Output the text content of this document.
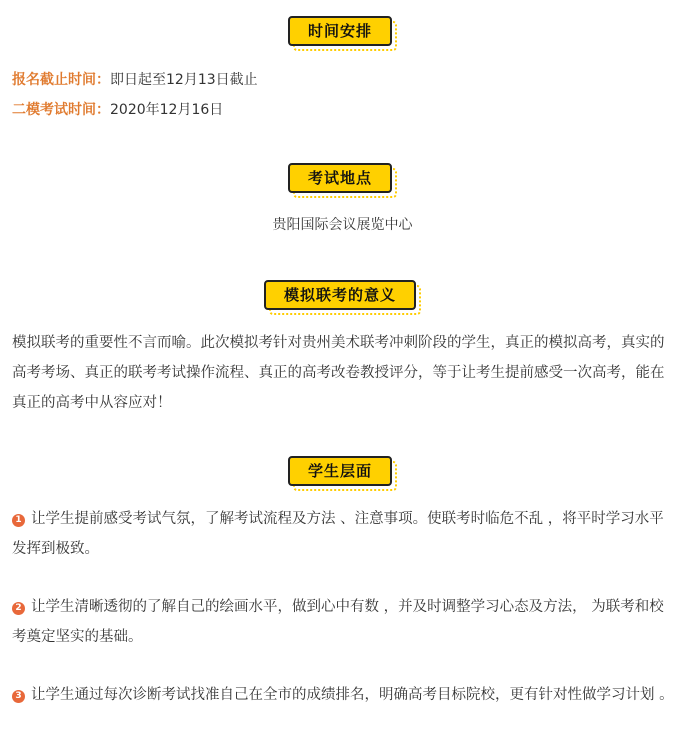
时间安排
报名截止时间：即日起至12月13日截止
二模考试时间：2020年12月16日
考试地点
贵阳国际会议展览中心
模拟联考的意义
模拟联考的重要性不言而喻。此次模拟考针对贵州美术联考冲刺阶段的学生，真正的模拟高考，真实的高考考场、真正的联考考试操作流程、真正的高考改卷教授评分，等于让考生提前感受一次高考，能在真正的高考中从容应对！
学生层面
1 让学生提前感受考试气氛，了解考试流程及方法 、注意事项。使联考时临危不乱 ，将平时学习水平发挥到极致。
2 让学生清晰透彻的了解自己的绘画水平，做到心中有数 ，并及时调整学习心态及方法， 为联考和校考奠定坚实的基础。
3 让学生通过每次诊断考试找准自己在全市的成绩排名，明确高考目标院校，更有针对性做学习计划 。
